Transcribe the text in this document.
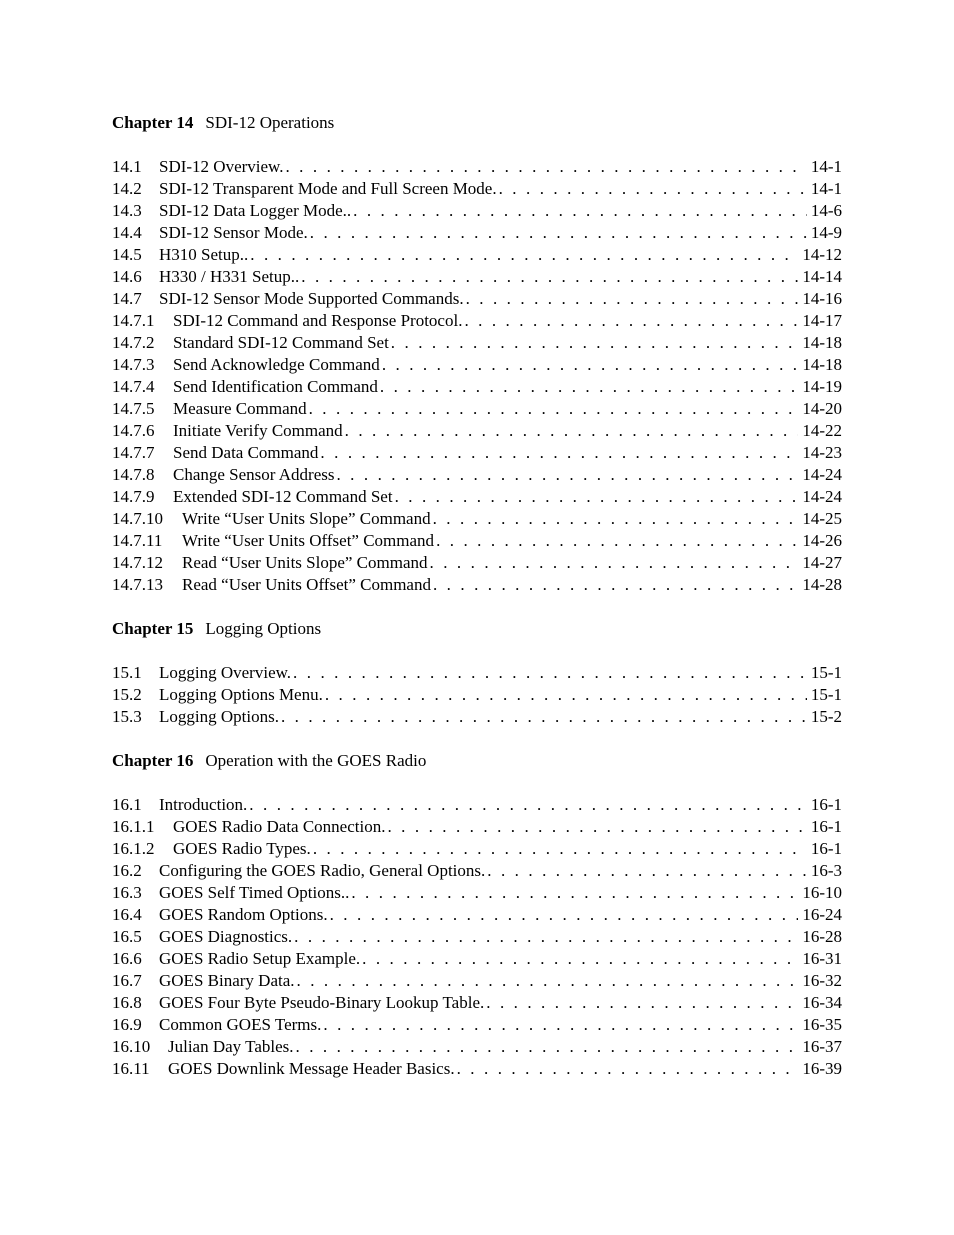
Chapter 14 SDI-12 Operations
14.1	SDI-12 Overview. . . .	14-1
14.2	SDI-12 Transparent Mode and Full Screen Mode. . . .	14-1
14.3	SDI-12 Data Logger Mode.. . . .	14-6
14.4	SDI-12 Sensor Mode. . . .	14-9
14.5	H310 Setup.. . . .	14-12
14.6	H330 / H331 Setup.. . . .	14-14
14.7	SDI-12 Sensor Mode Supported Commands. . . .	14-16
14.7.1	SDI-12 Command and Response Protocol. . . .	14-17
14.7.2	Standard SDI-12 Command Set . . .	14-18
14.7.3	Send Acknowledge Command . . .	14-18
14.7.4	Send Identification Command . . .	14-19
14.7.5	Measure Command . . .	14-20
14.7.6	Initiate Verify Command . . .	14-22
14.7.7	Send Data Command . . .	14-23
14.7.8	Change Sensor Address . . .	14-24
14.7.9	Extended SDI-12 Command Set . . .	14-24
14.7.10	Write “User Units Slope” Command . . .	14-25
14.7.11	Write “User Units Offset” Command . . .	14-26
14.7.12	Read “User Units Slope” Command . . .	14-27
14.7.13	Read “User Units Offset” Command . . .	14-28
Chapter 15 Logging Options
15.1	Logging Overview. . . .	15-1
15.2	Logging Options Menu. . . .	15-1
15.3	Logging Options. . . .	15-2
Chapter 16 Operation with the GOES Radio
16.1	Introduction. . . .	16-1
16.1.1	GOES Radio Data Connection. . . .	16-1
16.1.2	GOES Radio Types. . . .	16-1
16.2	Configuring the GOES Radio, General Options. . . .	16-3
16.3	GOES Self Timed Options.. . . .	16-10
16.4	GOES Random Options. . . .	16-24
16.5	GOES Diagnostics. . . .	16-28
16.6	GOES Radio Setup Example. . . .	16-31
16.7	GOES Binary Data. . . .	16-32
16.8	GOES Four Byte Pseudo-Binary Lookup Table. . . .	16-34
16.9	Common GOES Terms. . . .	16-35
16.10	Julian Day Tables. . . .	16-37
16.11	GOES Downlink Message Header Basics. . . .	16-39
